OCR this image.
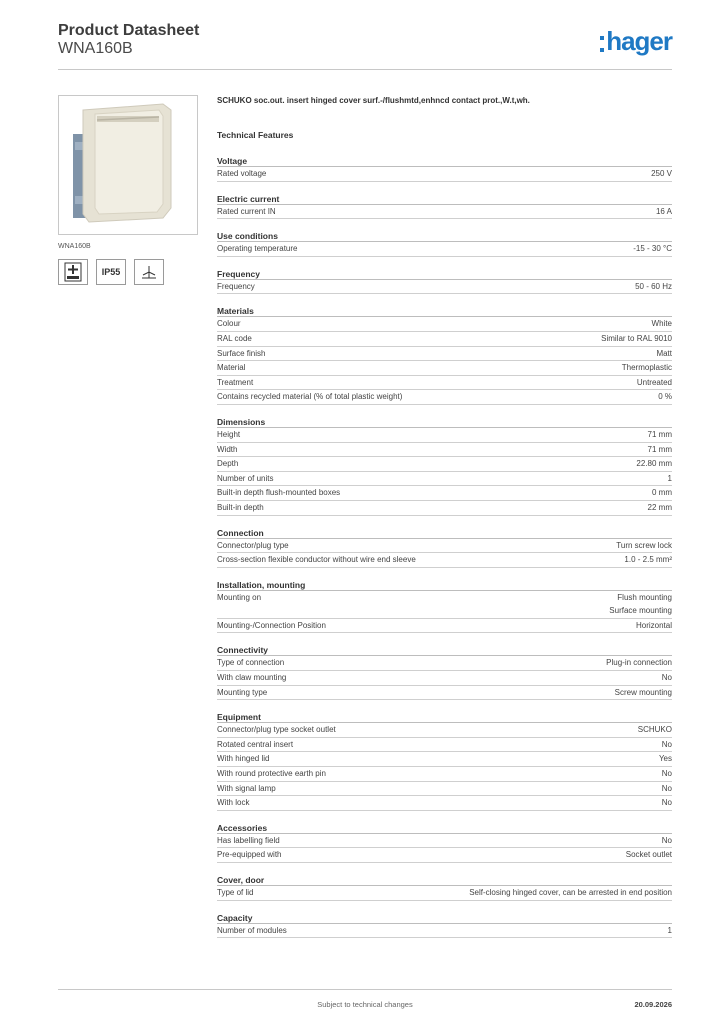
Product Datasheet
WNA160B	hager
WNA160B
IP55
SCHUKO soc.out. insert hinged cover surf.-/flushmtd,enhncd contact prot.,W.t,wh.
Technical Features
Voltage
Rated voltage	250 V
Electric current
Rated current IN	16 A
Use conditions
Operating temperature	-15 - 30 °C
Frequency
Frequency	50 - 60 Hz
Materials
Colour	White
RAL code	Similar to RAL 9010
Surface finish	Matt
Material	Thermoplastic
Treatment	Untreated
Contains recycled material (% of total plastic weight)	0 %
Dimensions
Height	71 mm
Width	71 mm
Depth	22.80 mm
Number of units	1
Built-in depth flush-mounted boxes	0 mm
Built-in depth	22 mm
Connection
Connector/plug type	Turn screw lock
Cross-section flexible conductor without wire end sleeve	1.0 - 2.5 mm²
Installation, mounting
Mounting on	Flush mounting
Surface mounting
Mounting-/Connection Position	Horizontal
Connectivity
Type of connection	Plug-in connection
With claw mounting	No
Mounting type	Screw mounting
Equipment
Connector/plug type socket outlet	SCHUKO
Rotated central insert	No
With hinged lid	Yes
With round protective earth pin	No
With signal lamp	No
With lock	No
Accessories
Has labelling field	No
Pre-equipped with	Socket outlet
Cover, door
Type of lid	Self-closing hinged cover, can be arrested in end position
Capacity
Number of modules	1
Subject to technical changes	20.09.2026
